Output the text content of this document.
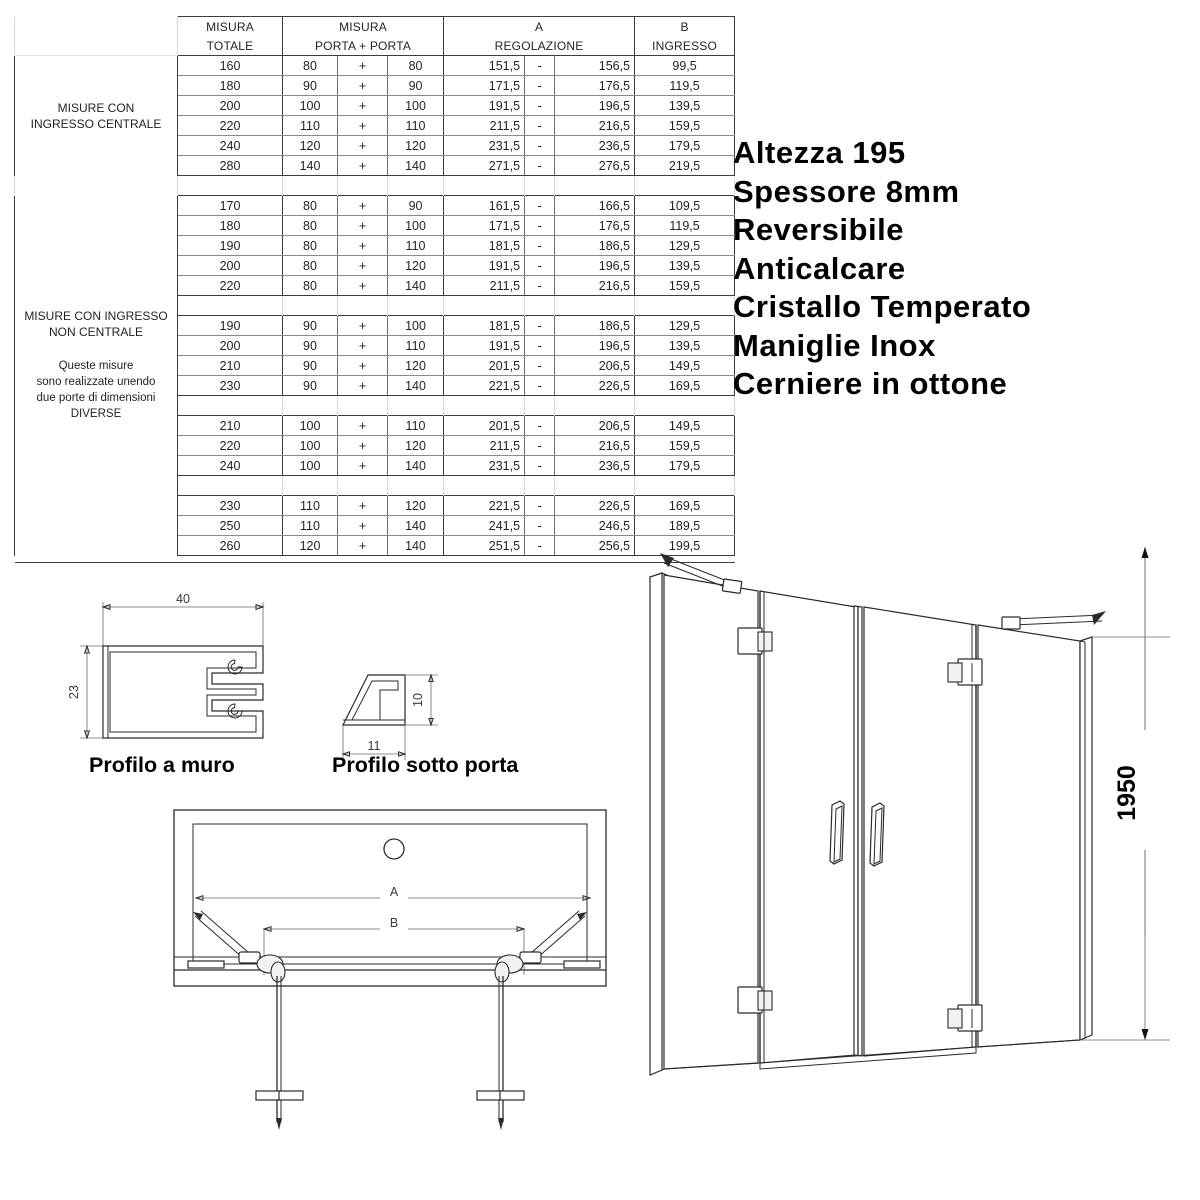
	MISURA	MISURA			A			B
	TOTALE	PORTA + PORTA			REGOLAZIONE			INGRESSO

MISURE CON
INGRESSO CENTRALE	160	80	+	80	151,5	-	156,5	99,5
	180	90	+	90	171,5	-	176,5	119,5
	200	100	+	100	191,5	-	196,5	139,5
	220	110	+	110	211,5	-	216,5	159,5
	240	120	+	120	231,5	-	236,5	179,5
	280	140	+	140	271,5	-	276,5	219,5

MISURE CON INGRESSO
NON CENTRALE
Queste misure
sono realizzate unendo
due porte di dimensioni
DIVERSE
	170	80	+	90	161,5	-	166,5	109,5
	180	80	+	100	171,5	-	176,5	119,5
	190	80	+	110	181,5	-	186,5	129,5
	200	80	+	120	191,5	-	196,5	139,5
	220	80	+	140	211,5	-	216,5	159,5

	190	90	+	100	181,5	-	186,5	129,5
	200	90	+	110	191,5	-	196,5	139,5
	210	90	+	120	201,5	-	206,5	149,5
	230	90	+	140	221,5	-	226,5	169,5

	210	100	+	110	201,5	-	206,5	149,5
	220	100	+	120	211,5	-	216,5	159,5
	240	100	+	140	231,5	-	236,5	179,5

	230	110	+	120	221,5	-	226,5	169,5
	250	110	+	140	241,5	-	246,5	189,5
	260	120	+	140	251,5	-	256,5	199,5

Altezza 195
Spessore 8mm
Reversibile
Anticalcare
Cristallo Temperato
Maniglie Inox
Cerniere in ottone
40
23
Profilo a muro
10
11
Profilo sotto porta
A
B
1950
